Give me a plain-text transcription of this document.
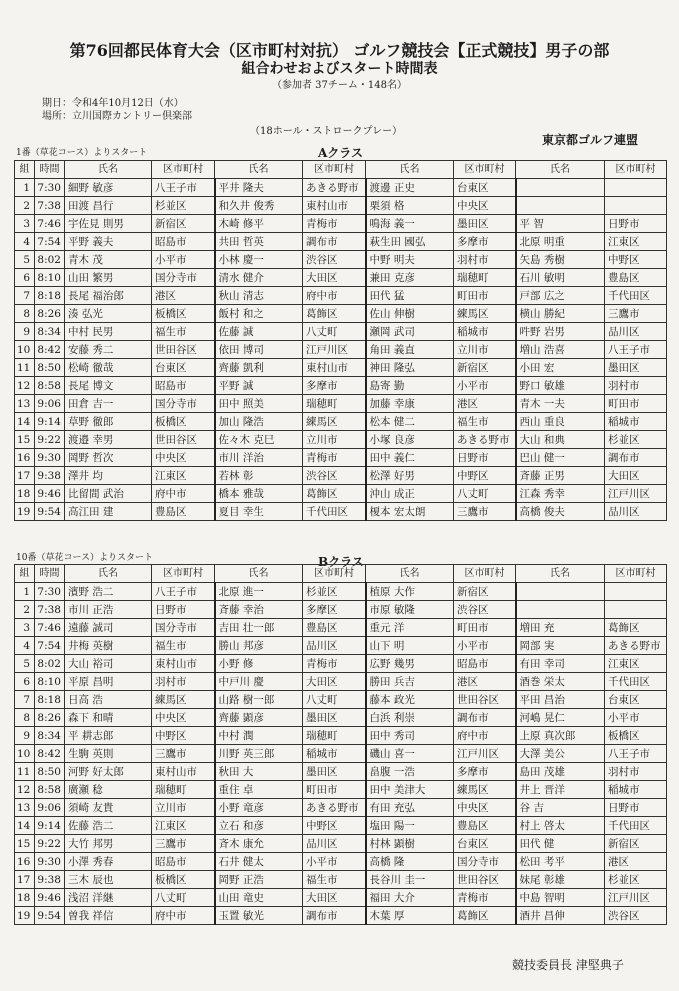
第76回都民体育大会（区市町村対抗） ゴルフ競技会【正式競技】男子の部
組合わせおよびスタート時間表
（参加者 37チーム・148名）
期日：令和4年10月12日（水）
場所：立川国際カントリー倶楽部
（18ホール・ストロークプレー）
東京都ゴルフ連盟
1番（草花コース）よりスタート	Aクラス
組	時間	氏名	区市町村	氏名	区市町村	氏名	区市町村	氏名	区市町村
1	7:30	細野 敏彦	八王子市	平井 隆夫	あきる野市	渡邊 正史	台東区		
2	7:38	田渡 昌行	杉並区	和久井 俊秀	東村山市	栗須 格	中央区		
3	7:46	宇佐見 則男	新宿区	木崎 修平	青梅市	鳴海 義一	墨田区	平 智	日野市
4	7:54	平野 義夫	昭島市	共田 哲英	調布市	萩生田 國弘	多摩市	北原 明重	江東区
5	8:02	青木 茂	小平市	小林 慶一	渋谷区	中野 明夫	羽村市	矢島 秀樹	中野区
6	8:10	山田 繁男	国分寺市	清水 健介	大田区	兼田 克彦	瑞穂町	石川 敏明	豊島区
7	8:18	長尾 福治郎	港区	秋山 清志	府中市	田代 猛	町田市	戸部 広之	千代田区
8	8:26	湊 弘光	板橋区	飯村 和之	葛飾区	佐山 伸樹	練馬区	横山 勝紀	三鷹市
9	8:34	中村 民男	福生市	佐藤 誠	八丈町	瀬岡 武司	稲城市	吽野 岩男	品川区
10	8:42	安藤 秀二	世田谷区	依田 博司	江戸川区	角田 義直	立川市	増山 浩喜	八王子市
11	8:50	松崎 徹哉	台東区	齊藤 凱利	東村山市	神田 隆弘	新宿区	小田 宏	墨田区
12	8:58	長尾 博文	昭島市	平野 誠	多摩市	島寄 勤	小平市	野口 敏雄	羽村市
13	9:06	田倉 吉一	国分寺市	田中 照美	瑞穂町	加藤 幸康	港区	青木 一夫	町田市
14	9:14	草野 徹郎	板橋区	加山 隆浩	練馬区	松本 健二	福生市	西山 重良	稲城市
15	9:22	渡邉 幸男	世田谷区	佐々木 克巳	立川市	小塚 良彦	あきる野市	大山 和典	杉並区
16	9:30	岡野 哲次	中央区	市川 洋治	青梅市	田中 義仁	日野市	巴山 健一	調布市
17	9:38	澤井 均	江東区	若林 彰	渋谷区	松澤 好男	中野区	斉藤 正男	大田区
18	9:46	比留間 武治	府中市	橋本 雅哉	葛飾区	沖山 成正	八丈町	江森 秀幸	江戸川区
19	9:54	高江田 建	豊島区	夏目 幸生	千代田区	榎本 宏太朗	三鷹市	高橋 俊夫	品川区
10番（草花コース）よりスタート	Bクラス
組	時間	氏名	区市町村	氏名	区市町村	氏名	区市町村	氏名	区市町村
1	7:30	濱野 浩二	八王子市	北原 進一	杉並区	植原 大作	新宿区		
2	7:38	市川 正浩	日野市	斉藤 幸治	多摩区	市原 敏隆	渋谷区		
3	7:46	遠藤 誠司	国分寺市	吉田 壮一郎	豊島区	重元 洋	町田市	増田 充	葛飾区
4	7:54	井梅 英樹	福生市	勝山 邦彦	品川区	山下 明	小平市	岡部 実	あきる野市
5	8:02	大山 裕司	東村山市	小野 修	青梅市	広野 幾男	昭島市	有田 幸司	江東区
6	8:10	平原 昌明	羽村市	中戸川 慶	大田区	勝田 兵吉	港区	酒巻 栄太	千代田区
7	8:18	日高 浩	練馬区	山路 樹一郎	八丈町	藤本 政光	世田谷区	平田 昌治	台東区
8	8:26	森下 和晴	中央区	齊藤 顕彦	墨田区	白浜 利崇	調布市	河嶋 晃仁	小平市
9	8:34	平 耕志郎	中野区	中村 潤	瑞穂町	田中 秀司	府中市	上原 真次郎	板橋区
10	8:42	生駒 英則	三鷹市	川野 英三郎	稲城市	磯山 喜一	江戸川区	大澤 美公	八王子市
11	8:50	河野 好太郎	東村山市	秋田 大	墨田区	畠腹 一浩	多摩市	島田 茂雄	羽村市
12	8:58	廣瀬 稔	瑞穂町	重住 卓	町田市	田中 美津大	練馬区	井上 晋洋	稲城市
13	9:06	須崎 友貴	立川市	小野 竜彦	あきる野市	有田 充弘	中央区	谷 吉	日野市
14	9:14	佐藤 浩二	江東区	立石 和彦	中野区	塩田 陽一	豊島区	村上 啓太	千代田区
15	9:22	大竹 邦男	三鷹市	斉木 康允	品川区	村林 顕樹	台東区	田代 健	新宿区
16	9:30	小澤 秀春	昭島市	石井 健太	小平市	高橋 隆	国分寺市	松田 考平	港区
17	9:38	三木 辰也	板橋区	岡野 正浩	福生市	長谷川 圭一	世田谷区	妹尾 彰雄	杉並区
18	9:46	浅沼 洋継	八丈町	山田 竜史	大田区	福田 大介	青梅市	中島 智明	江戸川区
19	9:54	曽我 祥信	府中市	玉置 敏光	調布市	木葉 厚	葛飾区	酒井 昌伸	渋谷区
競技委員長 津堅典子
